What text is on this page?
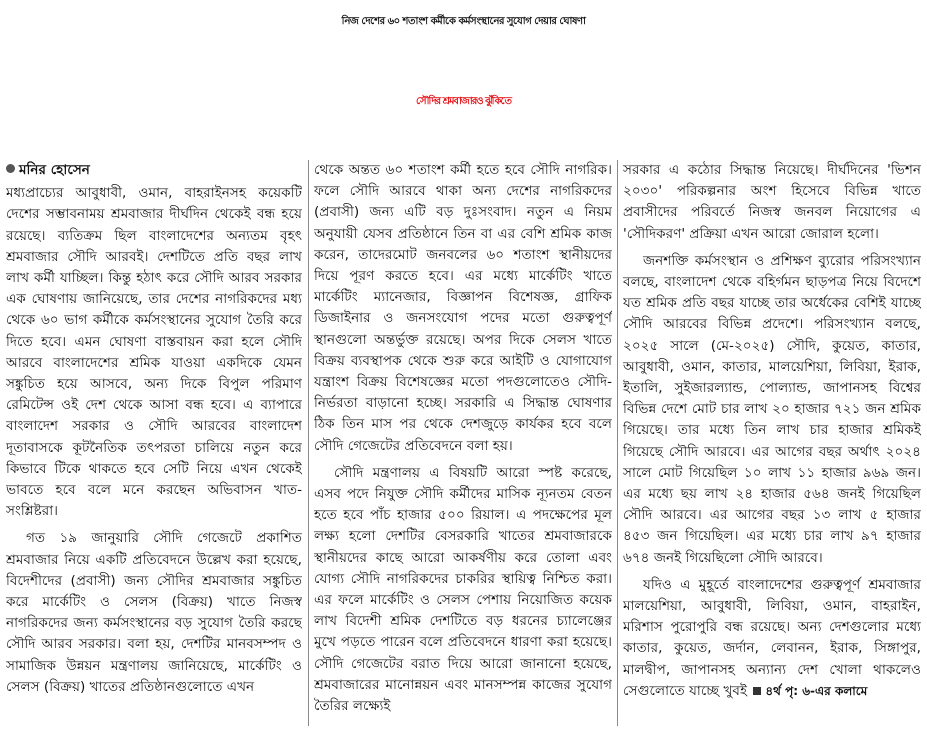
নিজ দেশের ৬০ শতাংশ কর্মীকে কর্মসংস্থানের সুযোগ দেয়ার ঘোষণা
সৌদির শ্রমবাজারও ঝুঁকিতে
মনির হোসেন

মধ্যপ্রাচ্যের আবুধাবী, ওমান, বাহরাইনসহ কয়েকটি দেশের সম্ভাবনাময় শ্রমবাজার দীর্ঘদিন থেকেই বন্ধ হয়ে রয়েছে। ব্যতিক্রম ছিল বাংলাদেশের অন্যতম বৃহৎ শ্রমবাজার সৌদি আরবই। দেশটিতে প্রতি বছর লাখ লাখ কর্মী যাচ্ছিল। কিন্তু হঠাৎ করে সৌদি আরব সরকার এক ঘোষণায় জানিয়েছে, তার দেশের নাগরিকদের মধ্য থেকে ৬০ ভাগ কর্মীকে কর্মসংস্থানের সুযোগ তৈরি করে দিতে হবে। এমন ঘোষণা বাস্তবায়ন করা হলে সৌদি আরবে বাংলাদেশের শ্রমিক যাওয়া একদিকে যেমন সঙ্কুচিত হয়ে আসবে, অন্য দিকে বিপুল পরিমাণ রেমিটেন্স ওই দেশ থেকে আসা বন্ধ হবে। এ ব্যাপারে বাংলাদেশ সরকার ও সৌদি আরবের বাংলাদেশ দূতাবাসকে কূটনৈতিক তৎপরতা চালিয়ে নতুন করে কিভাবে টিকে থাকতে হবে সেটি নিয়ে এখন থেকেই ভাবতে হবে বলে মনে করছেন অভিবাসন খাত-সংশ্লিষ্টরা।

গত ১৯ জানুয়ারি সৌদি গেজেটে প্রকাশিত শ্রমবাজার নিয়ে একটি প্রতিবেদনে উল্লেখ করা হয়েছে, বিদেশীদের (প্রবাসী) জন্য সৌদির শ্রমবাজার সঙ্কুচিত করে মার্কেটিং ও সেলস (বিক্রয়) খাতে নিজস্ব নাগরিকদের জন্য কর্মসংস্থানের বড় সুযোগ তৈরি করছে সৌদি আরব সরকার। বলা হয়, দেশটির মানবসম্পদ ও সামাজিক উন্নয়ন মন্ত্রণালয় জানিয়েছে, মার্কেটিং ও সেলস (বিক্রয়) খাতের প্রতিষ্ঠানগুলোতে এখন

থেকে অন্তত ৬০ শতাংশ কর্মী হতে হবে সৌদি নাগরিক। ফলে সৌদি আরবে থাকা অন্য দেশের নাগরিকদের (প্রবাসী) জন্য এটি বড় দুঃসংবাদ। নতুন এ নিয়ম অনুযায়ী যেসব প্রতিষ্ঠানে তিন বা এর বেশি শ্রমিক কাজ করেন, তাদেরমোট জনবলের ৬০ শতাংশ স্থানীয়দের দিয়ে পূরণ করতে হবে। এর মধ্যে মার্কেটিং খাতে মার্কেটিং ম্যানেজার, বিজ্ঞাপন বিশেষজ্ঞ, গ্রাফিক ডিজাইনার ও জনসংযোগ পদের মতো গুরুত্বপূর্ণ স্থানগুলো অন্তর্ভুক্ত রয়েছে। অপর দিকে সেলস খাতে বিক্রয় ব্যবস্থাপক থেকে শুরু করে আইটি ও যোগাযোগ যন্ত্রাংশ বিক্রয় বিশেষজ্ঞের মতো পদগুলোতেও সৌদি-নির্ভরতা বাড়ানো হচ্ছে। সরকারি এ সিদ্ধান্ত ঘোষণার ঠিক তিন মাস পর থেকে দেশজুড়ে কার্যকর হবে বলে সৌদি গেজেটের প্রতিবেদনে বলা হয়।

সৌদি মন্ত্রণালয় এ বিষয়টি আরো স্পষ্ট করেছে, এসব পদে নিযুক্ত সৌদি কর্মীদের মাসিক ন্যূনতম বেতন হতে হবে পাঁচ হাজার ৫০০ রিয়াল। এ পদক্ষেপের মূল লক্ষ্য হলো দেশটির বেসরকারি খাতের শ্রমবাজারকে স্থানীয়দের কাছে আরো আকর্ষণীয় করে তোলা এবং যোগ্য সৌদি নাগরিকদের চাকরির স্থায়িত্ব নিশ্চিত করা। এর ফলে মার্কেটিং ও সেলস পেশায় নিয়োজিত কয়েক লাখ বিদেশী শ্রমিক দেশটিতে বড় ধরনের চ্যালেঞ্জের মুখে পড়তে পারেন বলে প্রতিবেদনে ধারণা করা হয়েছে। সৌদি গেজেটের বরাত দিয়ে আরো জানানো হয়েছে, শ্রমবাজারের মানোন্নয়ন এবং মানসম্পন্ন কাজের সুযোগ তৈরির লক্ষ্যেই

সরকার এ কঠোর সিদ্ধান্ত নিয়েছে। দীর্ঘদিনের 'ভিশন ২০৩০' পরিকল্পনার অংশ হিসেবে বিভিন্ন খাতে প্রবাসীদের পরিবর্তে নিজস্ব জনবল নিয়োগের এ 'সৌদিকরণ' প্রক্রিয়া এখন আরো জোরাল হলো।

জনশক্তি কর্মসংস্থান ও প্রশিক্ষণ ব্যুরোর পরিসংখ্যান বলছে, বাংলাদেশ থেকে বহির্গমন ছাড়পত্র নিয়ে বিদেশে যত শ্রমিক প্রতি বছর যাচ্ছে তার অর্ধেকের বেশিই যাচ্ছে সৌদি আরবের বিভিন্ন প্রদেশে। পরিসংখ্যান বলছে, ২০২৫ সালে (মে-২০২৫) সৌদি, কুয়েত, কাতার, আবুধাবী, ওমান, কাতার, মালয়েশিয়া, লিবিয়া, ইরাক, ইতালি, সুইজারল্যান্ড, পোল্যান্ড, জাপানসহ বিশ্বের বিভিন্ন দেশে মোট চার লাখ ২০ হাজার ৭২১ জন শ্রমিক গিয়েছে। তার মধ্যে তিন লাখ চার হাজার শ্রমিকই গিয়েছে সৌদি আরবে। এর আগের বছর অর্থাৎ ২০২৪ সালে মোট গিয়েছিল ১০ লাখ ১১ হাজার ৯৬৯ জন। এর মধ্যে ছয় লাখ ২৪ হাজার ৫৬৪ জনই গিয়েছিল সৌদি আরবে। এর আগের বছর ১৩ লাখ ৫ হাজার ৪৫৩ জন গিয়েছিল। এর মধ্যে চার লাখ ৯৭ হাজার ৬৭৪ জনই গিয়েছিলো সৌদি আরবে।

যদিও এ মুহূর্তে বাংলাদেশের গুরুত্বপূর্ণ শ্রমবাজার মালয়েশিয়া, আবুধাবী, লিবিয়া, ওমান, বাহরাইন, মরিশাস পুরোপুরি বন্ধ রয়েছে। অন্য দেশগুলোর মধ্যে কাতার, কুয়েত, জর্দান, লেবানন, ইরাক, সিঙ্গাপুর, মালদ্বীপ, জাপানসহ অন্যান্য দেশ খোলা থাকলেও সেগুলোতে যাচ্ছে খুবই ৪র্থ পৃ: ৬-এর কলামে
